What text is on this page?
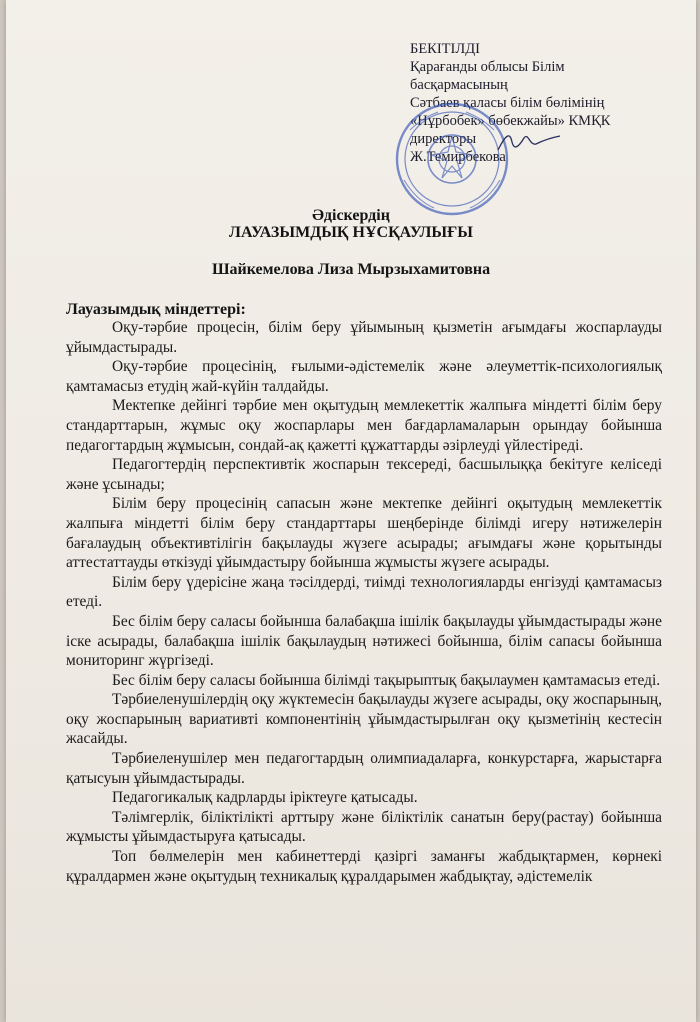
БЕКІТІЛДІ
Қарағанды облысы Білім
басқармасының
Сәтбаев қаласы білім бөлімінің
«Нұрбобек» бөбекжайы» КМҚК
директоры
Ж.Темирбекова
Әдіскердің
ЛАУАЗЫМДЫҚ НҰСҚАУЛЫҒЫ
Шайкемелова Лиза Мырзыхамитовна
Лауазымдық міндеттері:

Оқу-тәрбие процесін, білім беру ұйымының қызметін ағымдағы жоспарлауды ұйымдастырады.

Оқу-тәрбие процесінің, ғылыми-әдістемелік және әлеуметтік-психологиялық қамтамасыз етудің жай-күйін талдайды.

Мектепке дейінгі тәрбие мен оқытудың мемлекеттік жалпыға міндетті білім беру стандарттарын, жұмыс оқу жоспарлары мен бағдарламаларын орындау бойынша педагогтардың жұмысын, сондай-ақ қажетті құжаттарды әзірлеуді үйлестіреді.

Педагогтердің перспективтік жоспарын тексереді, басшылыққа бекітуге келіседі және ұсынады;

Білім беру процесінің сапасын және мектепке дейінгі оқытудың мемлекеттік жалпыға міндетті білім беру стандарттары шеңберінде білімді игеру нәтижелерін бағалаудың объективтілігін бақылауды жүзеге асырады; ағымдағы және қорытынды аттестаттауды өткізуді ұйымдастыру бойынша жұмысты жүзеге асырады.

Білім беру үдерісіне жаңа тәсілдерді, тиімді технологияларды енгізуді қамтамасыз етеді.

Бес білім беру саласы бойынша балабақша ішілік бақылауды ұйымдастырады және іске асырады, балабақша ішілік бақылаудың нәтижесі бойынша, білім сапасы бойынша мониторинг жүргізеді.

Бес білім беру саласы бойынша білімді тақырыптық бақылаумен қамтамасыз етеді.

Тәрбиеленушілердің оқу жүктемесін бақылауды жүзеге асырады, оқу жоспарының, оқу жоспарының вариативті компонентінің ұйымдастырылған оқу қызметінің кестесін жасайды.

Тәрбиеленушілер мен педагогтардың олимпиадаларға, конкурстарға, жарыстарға қатысуын ұйымдастырады.

Педагогикалық кадрларды іріктеуге қатысады.

Тәлімгерлік, біліктілікті арттыру және біліктілік санатын беру(растау) бойынша жұмысты ұйымдастыруға қатысады.

Топ бөлмелерін мен кабинеттерді қазіргі заманғы жабдықтармен, көрнекі құралдармен және оқытудың техникалық құралдарымен жабдықтау, әдістемелік
